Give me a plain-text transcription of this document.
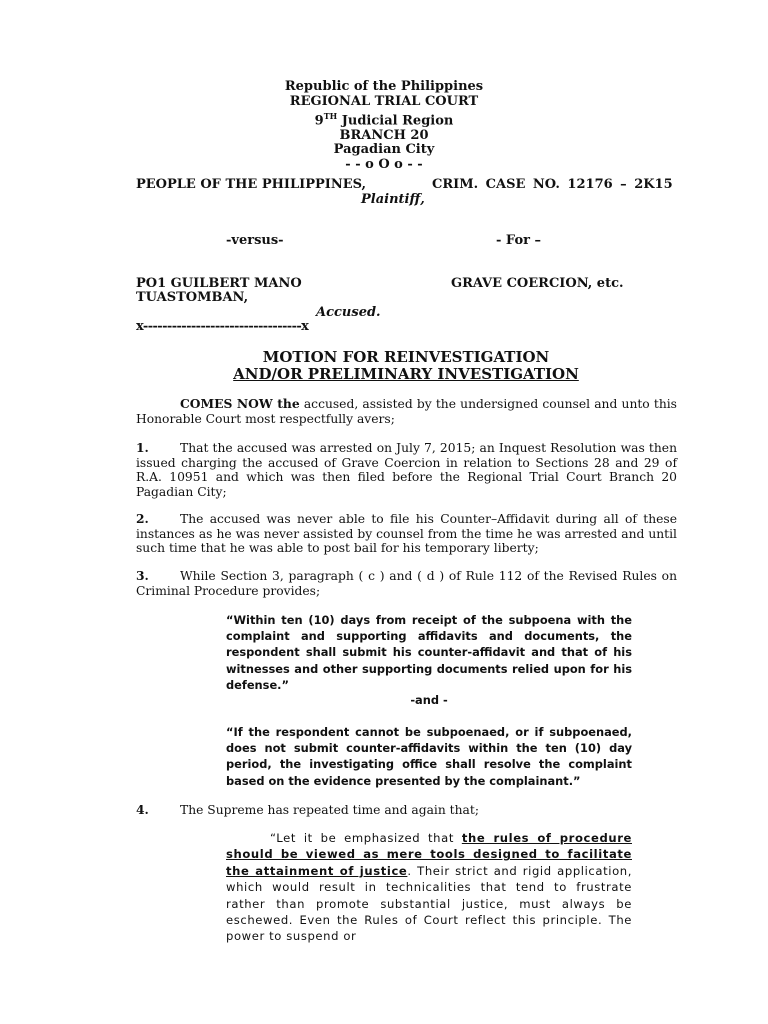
Republic of the Philippines
REGIONAL TRIAL COURT
9TH Judicial Region
BRANCH 20
Pagadian City
- - o O o - -
PEOPLE OF THE PHILIPPINES,	CRIM. CASE NO. 12176 – 2K15
Plaintiff,
-versus-	- For –
PO1 GUILBERT MANO
TUASTOMBAN,
GRAVE COERCION, etc.
Accused.
x---------------------------------x
MOTION FOR REINVESTIGATION
AND/OR PRELIMINARY INVESTIGATION

COMES NOW the accused, assisted by the undersigned counsel and unto this Honorable Court most respectfully avers;

1.	That the accused was arrested on July 7, 2015; an Inquest Resolution was then issued charging the accused of Grave Coercion in relation to Sections 28 and 29 of R.A. 10951 and which was then filed before the Regional Trial Court Branch 20 Pagadian City;

2.	The accused was never able to file his Counter–Affidavit during all of these instances as he was never assisted by counsel from the time he was arrested and until such time that he was able to post bail for his temporary liberty;

3.	While Section 3, paragraph ( c ) and ( d ) of Rule 112 of the Revised Rules on Criminal Procedure provides;

“Within ten (10) days from receipt of the subpoena with the complaint and supporting affidavits and documents, the respondent shall submit his counter-affidavit and that of his witnesses and other supporting documents relied upon for his defense.”

-and -

“If the respondent cannot be subpoenaed, or if subpoenaed, does not submit counter-affidavits within the ten (10) day period, the investigating office shall resolve the complaint based on the evidence presented by the complainant.”

4.	The Supreme has repeated time and again that;

“Let it be emphasized that the rules of procedure should be viewed as mere tools designed to facilitate the attainment of justice. Their strict and rigid application, which would result in technicalities that tend to frustrate rather than promote substantial justice, must always be eschewed. Even the Rules of Court reflect this principle. The power to suspend or
